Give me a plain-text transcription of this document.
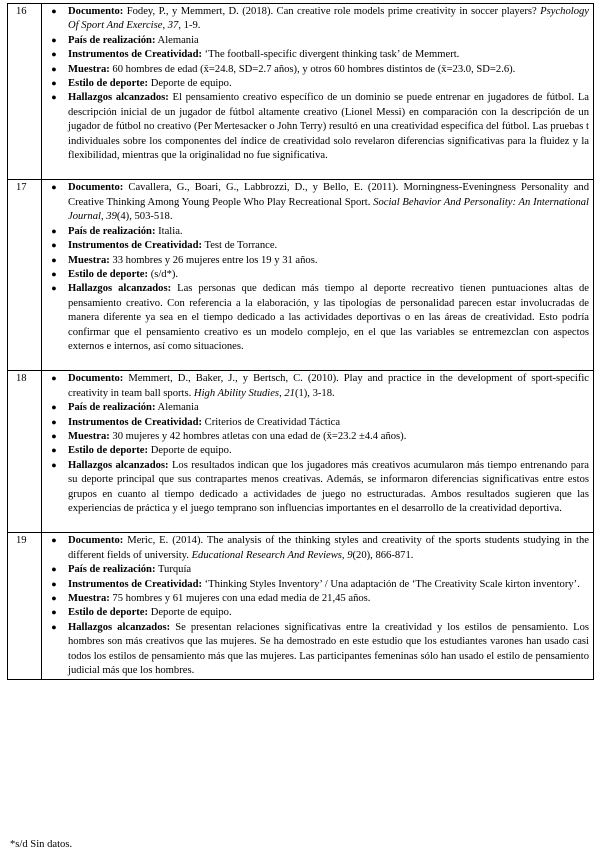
16	●	Documento: Fodey, P., y Memmert, D. (2018). Can creative role models prime creativity in soccer players? Psychology Of Sport And Exercise, 37, 1-9.
●	País de realización: Alemania
●	Instrumentos de Creatividad: ‘The football-specific divergent thinking task’ de Memmert.
●	Muestra: 60 hombres de edad (x̄=24.8, SD=2.7 años), y otros 60 hombres distintos de (x̄=23.0, SD=2.6).
●	Estilo de deporte: Deporte de equipo.
●	Hallazgos alcanzados: El pensamiento creativo específico de un dominio se puede entrenar en jugadores de fútbol. La descripción inicial de un jugador de fútbol altamente creativo (Lionel Messi) en comparación con la descripción de un jugador de fútbol no creativo (Per Mertesacker o John Terry) resultó en una creatividad específica del fútbol. Las pruebas t individuales sobre los componentes del índice de creatividad solo revelaron diferencias significativas para la fluidez y la flexibilidad, mientras que la originalidad no fue significativa.
17	●	Documento: Cavallera, G., Boari, G., Labbrozzi, D., y Bello, E. (2011). Morningness-Eveningness Personality and Creative Thinking Among Young People Who Play Recreational Sport. Social Behavior And Personality: An International Journal, 39(4), 503-518.
●	País de realización: Italia.
●	Instrumentos de Creatividad: Test de Torrance.
●	Muestra: 33 hombres y 26 mujeres entre los 19 y 31 años.
●	Estilo de deporte: (s/d*).
●	Hallazgos alcanzados: Las personas que dedican más tiempo al deporte recreativo tienen puntuaciones altas de pensamiento creativo. Con referencia a la elaboración, y las tipologías de personalidad parecen estar involucradas de manera diferente ya sea en el tiempo dedicado a las actividades deportivas o en las áreas de creatividad. Esto podría confirmar que el pensamiento creativo es un modelo complejo, en el que las variables se entremezclan con aspectos externos e internos, así como situaciones.
18	●	Documento: Memmert, D., Baker, J., y Bertsch, C. (2010). Play and practice in the development of sport-specific creativity in team ball sports. High Ability Studies, 21(1), 3-18.
●	País de realización: Alemania
●	Instrumentos de Creatividad: Criterios de Creatividad Táctica
●	Muestra: 30 mujeres y 42 hombres atletas con una edad de (x̄=23.2 ±4.4 años).
●	Estilo de deporte: Deporte de equipo.
●	Hallazgos alcanzados: Los resultados indican que los jugadores más creativos acumularon más tiempo entrenando para su deporte principal que sus contrapartes menos creativas. Además, se informaron diferencias significativas entre estos grupos en cuanto al tiempo dedicado a actividades de juego no estructuradas. Ambos resultados sugieren que las experiencias de práctica y el juego temprano son influencias importantes en el desarrollo de la creatividad deportiva.
19	●	Documento: Meric, E. (2014). The analysis of the thinking styles and creativity of the sports students studying in the different fields of university. Educational Research And Reviews, 9(20), 866-871.
●	País de realización: Turquía
●	Instrumentos de Creatividad: ‘Thinking Styles Inventory’ / Una adaptación de ‘The Creativity Scale kirton inventory’.
●	Muestra: 75 hombres y 61 mujeres con una edad media de 21,45 años.
●	Estilo de deporte: Deporte de equipo.
●	Hallazgos alcanzados: Se presentan relaciones significativas entre la creatividad y los estilos de pensamiento. Los hombres son más creativos que las mujeres. Se ha demostrado en este estudio que los estudiantes varones han usado casi todos los estilos de pensamiento más que las mujeres. Las participantes femeninas sólo han usado el estilo de pensamiento judicial más que los hombres.
*s/d Sin datos.
